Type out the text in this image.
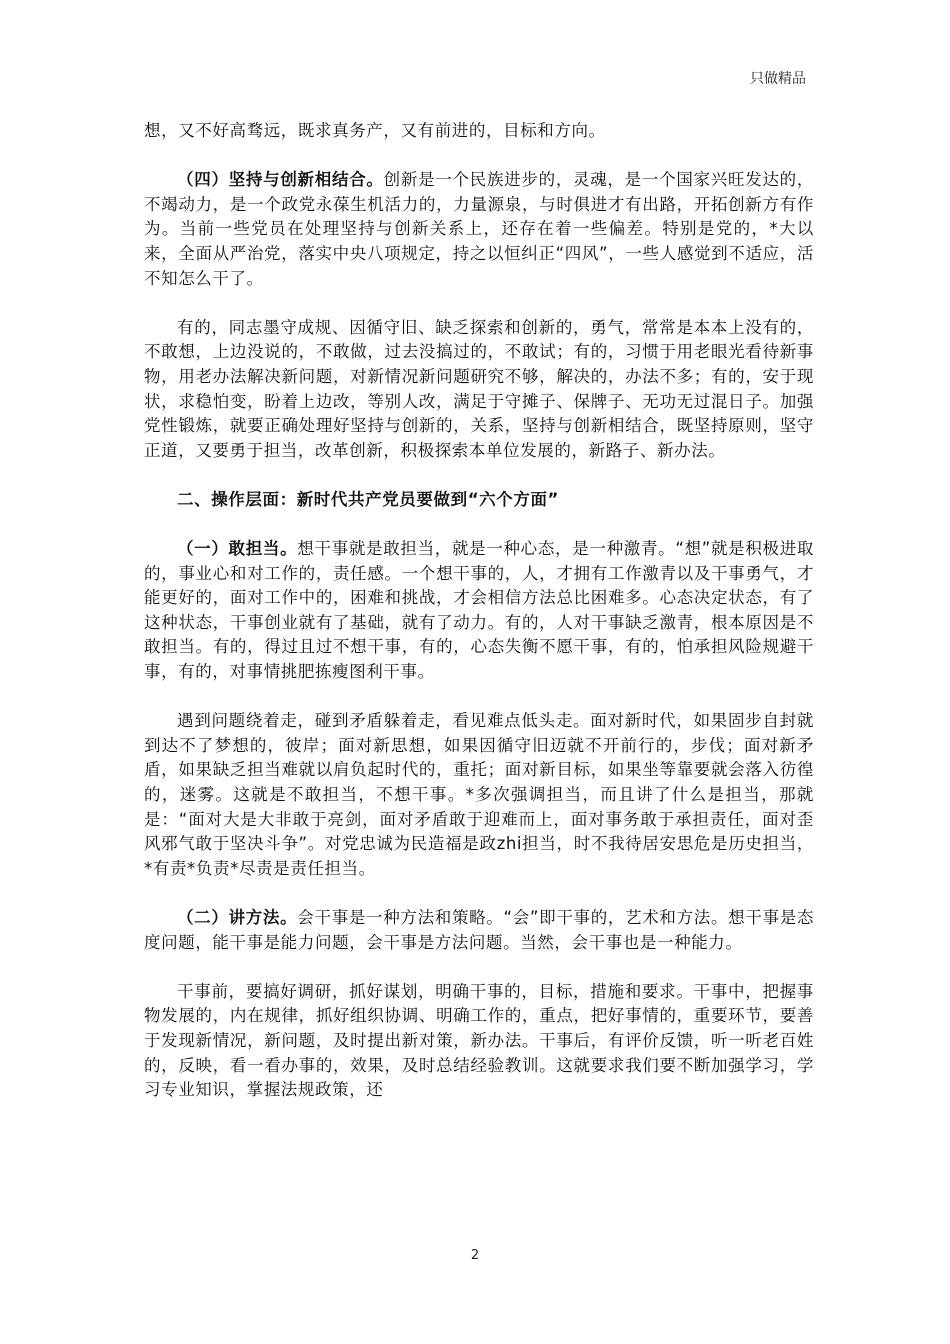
只做精品

想，又不好高骛远，既求真务产，又有前进的，目标和方向。

（四）坚持与创新相结合。创新是一个民族进步的，灵魂，是一个国家兴旺发达的，不竭动力，是一个政党永葆生机活力的，力量源泉，与时俱进才有出路，开拓创新方有作为。当前一些党员在处理坚持与创新关系上，还存在着一些偏差。特别是党的，*大以来，全面从严治党，落实中央八项规定，持之以恒纠正“四风”，一些人感觉到不适应，活不知怎么干了。

有的，同志墨守成规、因循守旧、缺乏探索和创新的，勇气，常常是本本上没有的，不敢想，上边没说的，不敢做，过去没搞过的，不敢试；有的，习惯于用老眼光看待新事物，用老办法解决新问题，对新情况新问题研究不够，解决的，办法不多；有的，安于现状，求稳怕变，盼着上边改，等别人改，满足于守摊子、保牌子、无功无过混日子。加强党性锻炼，就要正确处理好坚持与创新的，关系，坚持与创新相结合，既坚持原则，坚守正道，又要勇于担当，改革创新，积极探索本单位发展的，新路子、新办法。

二、操作层面：新时代共产党员要做到“六个方面”

（一）敢担当。想干事就是敢担当，就是一种心态，是一种激青。“想”就是积极进取的，事业心和对工作的，责任感。一个想干事的，人，才拥有工作激青以及干事勇气，才能更好的，面对工作中的，困难和挑战，才会相信方法总比困难多。心态决定状态，有了这种状态，干事创业就有了基础，就有了动力。有的，人对干事缺乏激青，根本原因是不敢担当。有的，得过且过不想干事，有的，心态失衡不愿干事，有的，怕承担风险规避干事，有的，对事情挑肥拣瘦图利干事。

遇到问题绕着走，碰到矛盾躲着走，看见难点低头走。面对新时代，如果固步自封就到达不了梦想的，彼岸；面对新思想，如果因循守旧迈就不开前行的，步伐；面对新矛盾，如果缺乏担当难就以肩负起时代的，重托；面对新目标，如果坐等靠要就会落入彷徨的，迷雾。这就是不敢担当，不想干事。*多次强调担当，而且讲了什么是担当，那就是：“面对大是大非敢于亮剑，面对矛盾敢于迎难而上，面对事务敢于承担责任，面对歪风邪气敢于坚决斗争”。对党忠诚为民造福是政zhi担当，时不我待居安思危是历史担当，*有责*负责*尽责是责任担当。

（二）讲方法。会干事是一种方法和策略。“会”即干事的，艺术和方法。想干事是态度问题，能干事是能力问题，会干事是方法问题。当然，会干事也是一种能力。

干事前，要搞好调研，抓好谋划，明确干事的，目标，措施和要求。干事中，把握事物发展的，内在规律，抓好组织协调、明确工作的，重点，把好事情的，重要环节，要善于发现新情况，新问题，及时提出新对策，新办法。干事后，有评价反馈，听一听老百姓的，反映，看一看办事的，效果，及时总结经验教训。这就要求我们要不断加强学习，学习专业知识，掌握法规政策，还

2
